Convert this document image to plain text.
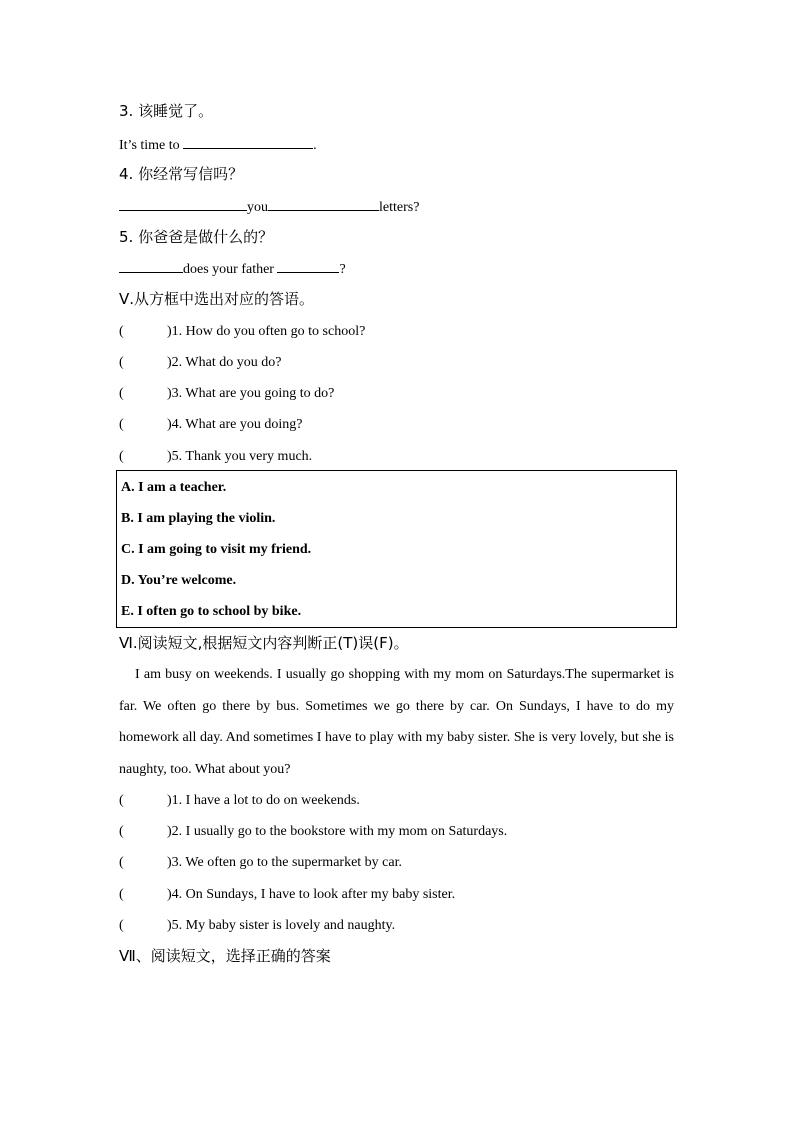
3. 该睡觉了。
It’s time to	.
4. 你经常写信吗？
you	letters?
5. 你爸爸是做什么的？
does your father	?
Ⅴ.从方框中选出对应的答语。
(	)1. How do you often go to school?
(	)2. What do you do?
(	)3. What are you going to do?
(	)4. What are you doing?
(	)5. Thank you very much.
A. I am a teacher.
B. I am playing the violin.
C. I am going to visit my friend.
D. You’re welcome.
E. I often go to school by bike.
Ⅵ.阅读短文,根据短文内容判断正(T)误(F)。
I am busy on weekends. I usually go shopping with my mom on Saturdays.The supermarket is far. We often go there by bus. Sometimes we go there by car. On Sundays, I have to do my homework all day. And sometimes I have to play with my baby sister. She is very lovely, but she is naughty, too. What about you?
(	)1. I have a lot to do on weekends.
(	)2. I usually go to the bookstore with my mom on Saturdays.
(	)3. We often go to the supermarket by car.
(	)4. On Sundays, I have to look after my baby sister.
(	)5. My baby sister is lovely and naughty.
Ⅶ、阅读短文，选择正确的答案
